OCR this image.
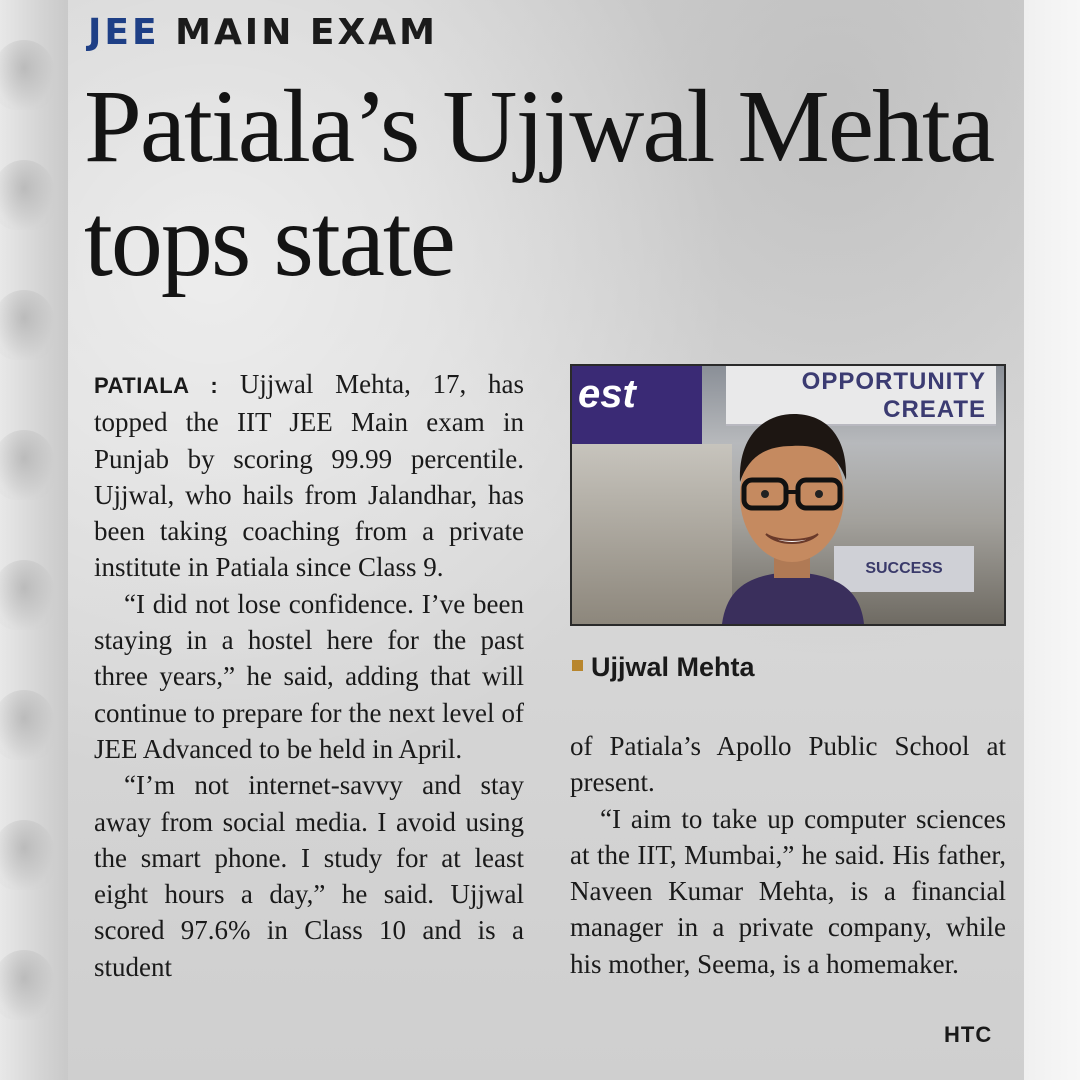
JEE MAIN EXAM
Patiala’s Ujjwal Mehta tops state

PATIALA : Ujjwal Mehta, 17, has topped the IIT JEE Main exam in Punjab by scoring 99.99 percentile. Ujjwal, who hails from Jalandhar, has been taking coaching from a private institute in Patiala since Class 9.

“I did not lose confidence. I’ve been staying in a hostel here for the past three years,” he said, adding that will continue to prepare for the next level of JEE Advanced to be held in April.

“I’m not internet-savvy and stay away from social media. I avoid using the smart phone. I study for at least eight hours a day,” he said. Ujjwal scored 97.6% in Class 10 and is a student

est	OPPORTUNITY
CREATE
SUCCESS

Ujjwal Mehta

of Patiala’s Apollo Public School at present.

“I aim to take up computer sciences at the IIT, Mumbai,” he said. His father, Naveen Kumar Mehta, is a financial manager in a private company, while his mother, Seema, is a homemaker.

HTC
